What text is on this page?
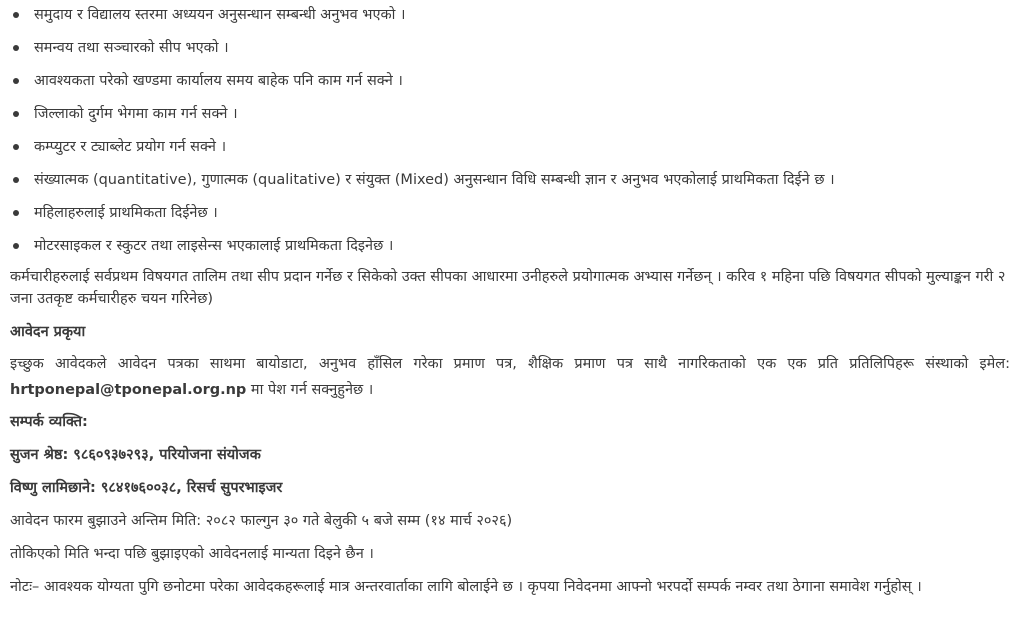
समुदाय र विद्यालय स्तरमा अध्ययन अनुसन्धान सम्बन्धी अनुभव भएको ।
समन्वय तथा सञ्चारको सीप भएको ।
आवश्यकता परेको खण्डमा कार्यालय समय बाहेक पनि काम गर्न सक्ने ।
जिल्लाको दुर्गम भेगमा काम गर्न सक्ने ।
कम्प्युटर र ट्याब्लेट प्रयोग गर्न सक्ने ।
संख्यात्मक (quantitative), गुणात्मक (qualitative) र संयुक्त (Mixed) अनुसन्धान विधि सम्बन्धी ज्ञान र अनुभव भएकोलाई प्राथमिकता दिईने छ ।
महिलाहरुलाई प्राथमिकता दिईनेछ ।
मोटरसाइकल र स्कुटर तथा लाइसेन्स भएकालाई प्राथमिकता दिइनेछ ।

कर्मचारीहरुलाई सर्वप्रथम विषयगत तालिम तथा सीप प्रदान गर्नेछ र सिकेको उक्त सीपका आधारमा उनीहरुले प्रयोगात्मक अभ्यास गर्नेछन् । करिव १ महिना पछि विषयगत सीपको मुल्याङ्कन गरी २ जना उतकृष्ट कर्मचारीहरु चयन गरिनेछ)

आवेदन प्रकृया

इच्छुक आवेदकले आवेदन पत्रका साथमा बायोडाटा, अनुभव हाँसिल गरेका प्रमाण पत्र, शैक्षिक प्रमाण पत्र साथै नागरिकताको एक एक प्रति प्रतिलिपिहरू संस्थाको इमेल: hrtponepal@tponepal.org.np मा पेश गर्न सक्नुहुनेछ ।

सम्पर्क व्यक्ति:

सुजन श्रेष्ठ: ९८६०९३७२९३, परियोजना संयोजक

विष्णु लामिछाने: ९८४१७६००३८, रिसर्च सुपरभाइजर

आवेदन फारम बुझाउने अन्तिम मिति: २०८२ फाल्गुन ३० गते बेलुकी ५ बजे सम्म (१४ मार्च २०२६)

तोकिएको मिति भन्दा पछि बुझाइएको आवेदनलाई मान्यता दिइने छैन ।

नोटः– आवश्यक योग्यता पुगि छनोटमा परेका आवेदकहरूलाई मात्र अन्तरवार्ताका लागि बोलाईने छ । कृपया निवेदनमा आफ्नो भरपर्दो सम्पर्क नम्वर तथा ठेगाना समावेश गर्नुहोस् ।
